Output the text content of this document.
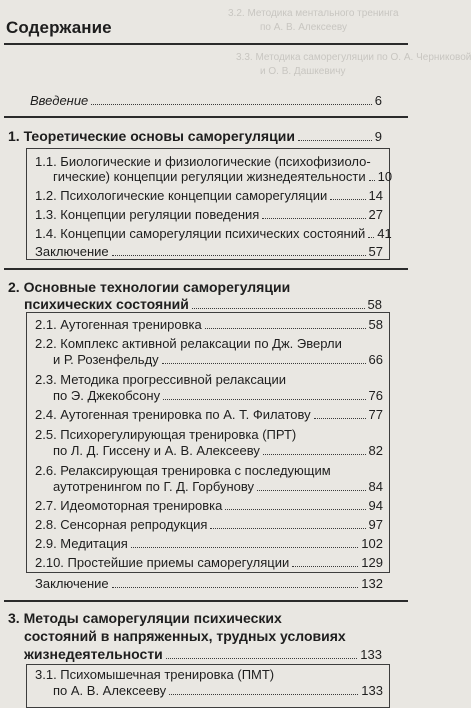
3.2. Методика ментального тренинга
по А. В. Алексееву
3.3. Методика саморегуляции по О. А. Черниковой
и О. В. Дашкевичу
Содержание
Введение	6
1. Теоретические основы саморегуляции	9
1.1. Биологические и физиологические (психофизиоло-
гические) концепции регуляции жизнедеятельности 10
1.2. Психологические концепции саморегуляции	14
1.3. Концепции регуляции поведения	27
1.4. Концепции саморегуляции психических состояний 41
Заключение	57
2. Основные технологии саморегуляции
психических состояний	58
2.1. Аутогенная тренировка	58
2.2. Комплекс активной релаксации по Дж. Эверли
и Р. Розенфельду	66
2.3. Методика прогрессивной релаксации
по Э. Джекобсону	76
2.4. Аутогенная тренировка по А. Т. Филатову	77
2.5. Психорегулирующая тренировка (ПРТ)
по Л. Д. Гиссену и А. В. Алексееву	82
2.6. Релаксирующая тренировка с последующим
аутотренингом по Г. Д. Горбунову	84
2.7. Идеомоторная тренировка	94
2.8. Сенсорная репродукция	97
2.9. Медитация	102
2.10. Простейшие приемы саморегуляции	129
Заключение	132
3. Методы саморегуляции психических
состояний в напряженных, трудных условиях
жизнедеятельности	133
3.1. Психомышечная тренировка (ПМТ)
по А. В. Алексееву	133
